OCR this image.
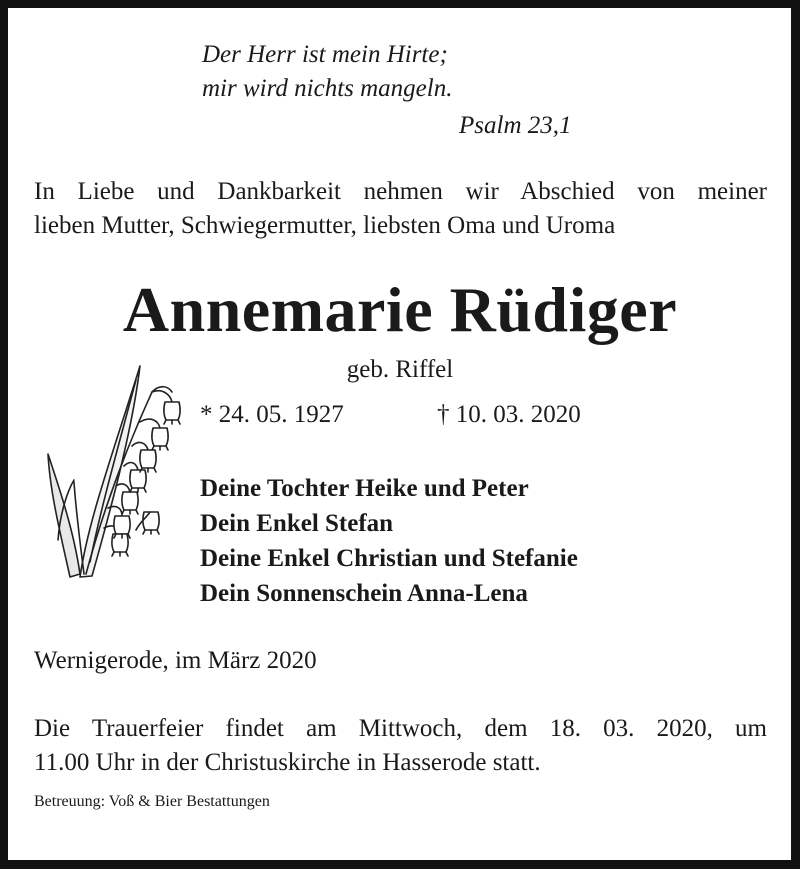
Der Herr ist mein Hirte;
mir wird nichts mangeln.
Psalm 23,1
In Liebe und Dankbarkeit nehmen wir Abschied von meiner
lieben Mutter, Schwiegermutter, liebsten Oma und Uroma
Annemarie Rüdiger
geb. Riffel
* 24. 05. 1927	† 10. 03. 2020
Deine Tochter Heike und Peter
Dein Enkel Stefan
Deine Enkel Christian und Stefanie
Dein Sonnenschein Anna-Lena
Wernigerode, im März 2020
Die Trauerfeier findet am Mittwoch, dem 18. 03. 2020, um
11.00 Uhr in der Christuskirche in Hasserode statt.
Betreuung: Voß & Bier Bestattungen
